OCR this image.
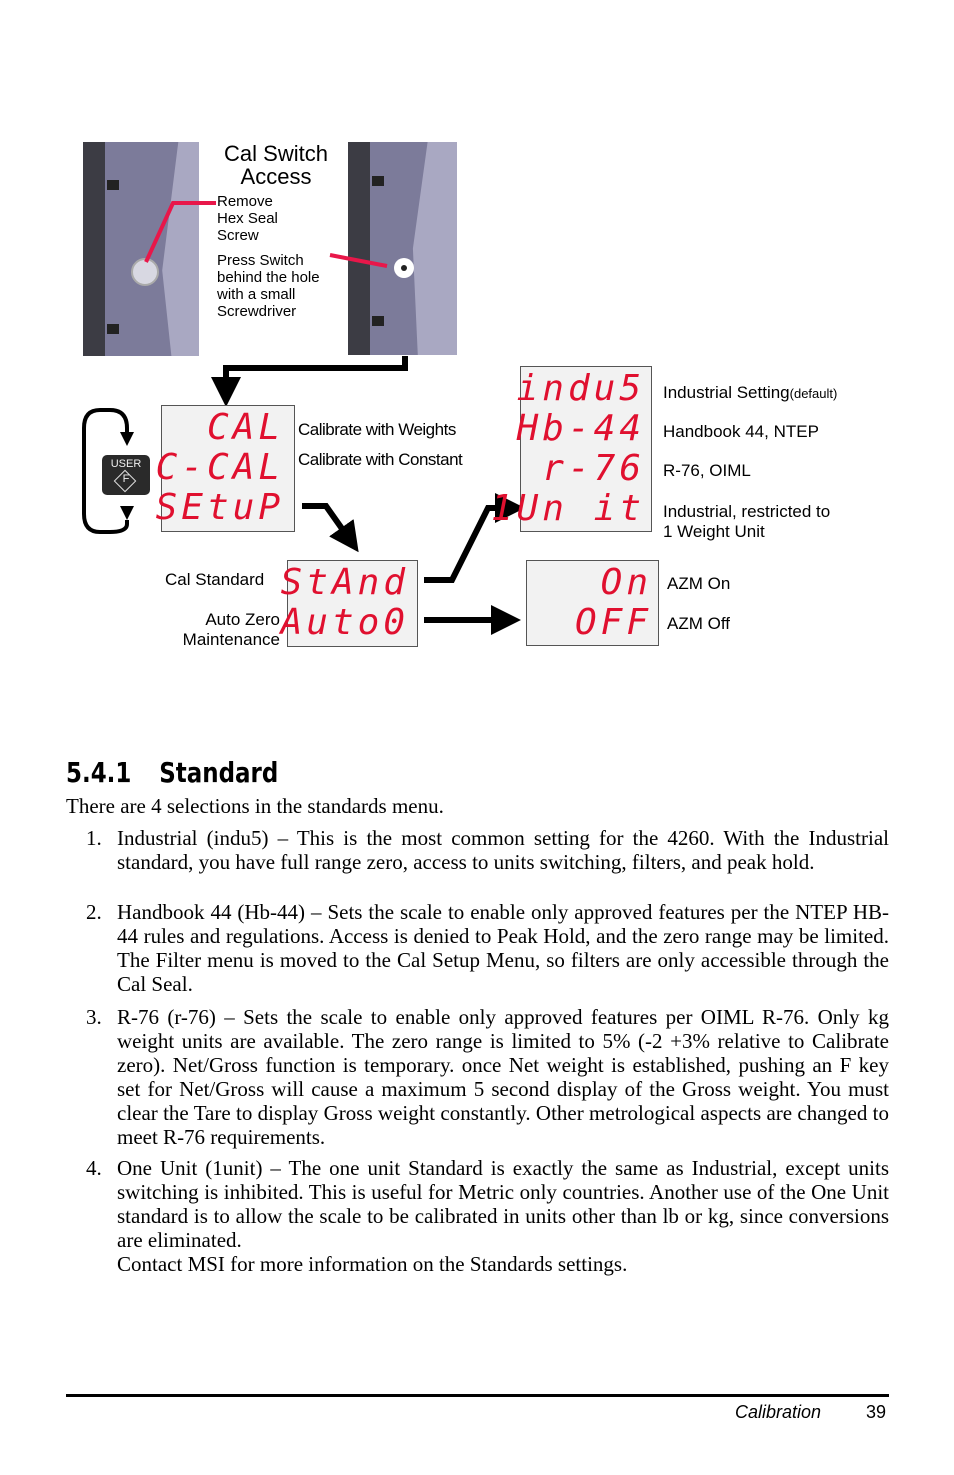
Cal Switch
Access
Remove
Hex Seal
Screw
Press Switch
behind the hole
with a small
Screwdriver
USER
F
CAL
C-CAL
SEtuP
Calibrate with Weights
Calibrate with Constant
StAnd
Auto0
Cal Standard
Auto Zero
Maintenance
indu5
Hb-44
r-76
1Un it
Industrial Setting(default)
Handbook 44, NTEP
R-76, OIML
Industrial, restricted to
1 Weight Unit
On
OFF
AZM On
AZM Off
5.4.1 Standard
There are 4 selections in the standards menu.
1. Industrial (indu5) – This is the most common setting for the 4260. With the Industrial standard, you have full range zero, access to units switching, filters, and peak hold.
2. Handbook 44 (Hb-44) – Sets the scale to enable only approved features per the NTEP HB-44 rules and regulations. Access is denied to Peak Hold, and the zero range may be limited. The Filter menu is moved to the Cal Setup Menu, so filters are only accessible through the Cal Seal.
3. R-76 (r-76) – Sets the scale to enable only approved features per OIML R-76. Only kg weight units are available. The zero range is limited to 5% (-2 +3% relative to Calibrate zero). Net/Gross function is temporary. once Net weight is established, pushing an F key set for Net/Gross will cause a maximum 5 second display of the Gross weight. You must clear the Tare to display Gross weight constantly. Other metrological aspects are changed to meet R-76 requirements.
4. One Unit (1unit) – The one unit Standard is exactly the same as Industrial, except units switching is inhibited. This is useful for Metric only countries. Another use of the One Unit standard is to allow the scale to be calibrated in units other than lb or kg, since conversions are eliminated.
Contact MSI for more information on the Standards settings.
Calibration 39
